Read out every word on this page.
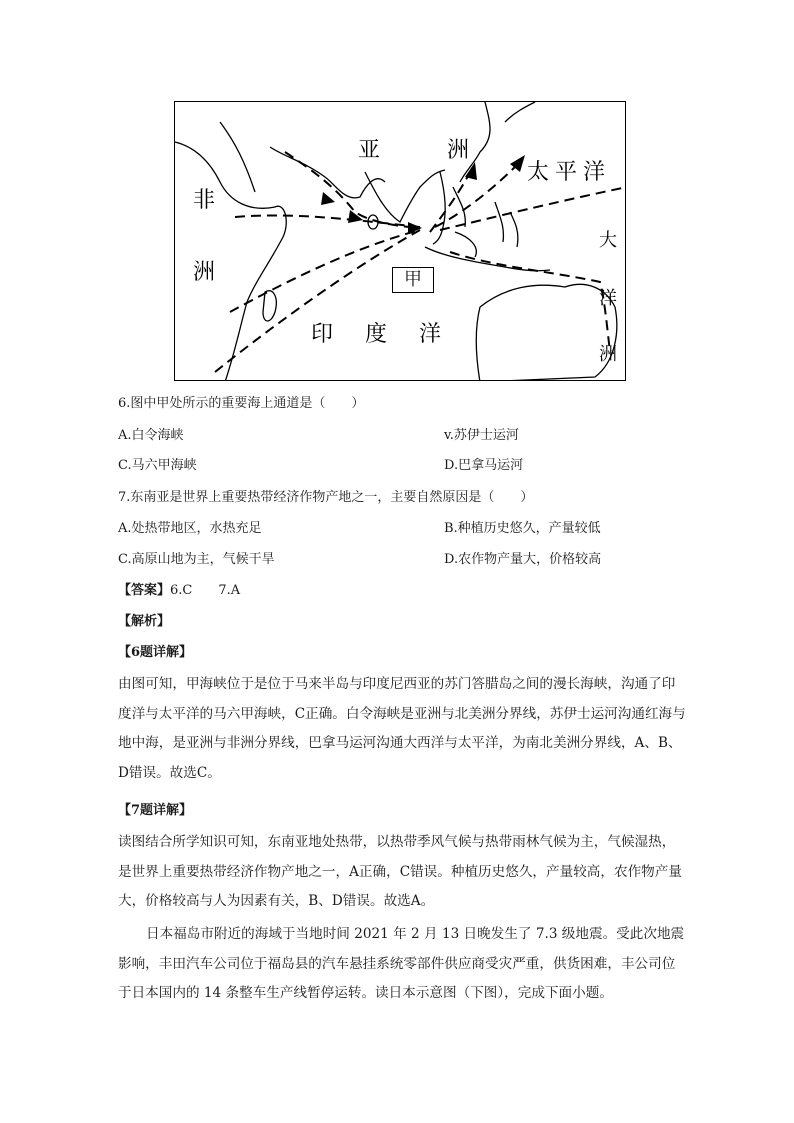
亚	洲
非
洲
太平洋
印 度 洋
大
洋
洲
甲
6.图中甲处所示的重要海上通道是（　　）
A.白令海峡	v.苏伊士运河
C.马六甲海峡	D.巴拿马运河
7.东南亚是世界上重要热带经济作物产地之一，主要自然原因是（　　）
A.处热带地区，水热充足	B.种植历史悠久，产量较低
C.高原山地为主，气候干旱	D.农作物产量大，价格较高
【答案】6.C　　7.A
【解析】
【6题详解】
由图可知，甲海峡位于是位于马来半岛与印度尼西亚的苏门答腊岛之间的漫长海峡，沟通了印度洋与太平洋的马六甲海峡，C正确。白令海峡是亚洲与北美洲分界线，苏伊士运河沟通红海与地中海，是亚洲与非洲分界线，巴拿马运河沟通大西洋与太平洋，为南北美洲分界线，A、B、D错误。故选C。
【7题详解】
读图结合所学知识可知，东南亚地处热带，以热带季风气候与热带雨林气候为主，气候湿热，是世界上重要热带经济作物产地之一，A正确，C错误。种植历史悠久，产量较高，农作物产量大，价格较高与人为因素有关，B、D错误。故选A。
日本福岛市附近的海域于当地时间 2021 年 2 月 13 日晚发生了 7.3 级地震。受此次地震影响，丰田汽车公司位于福岛县的汽车悬挂系统零部件供应商受灾严重，供货困难，丰公司位于日本国内的 14 条整车生产线暂停运转。读日本示意图（下图），完成下面小题。
